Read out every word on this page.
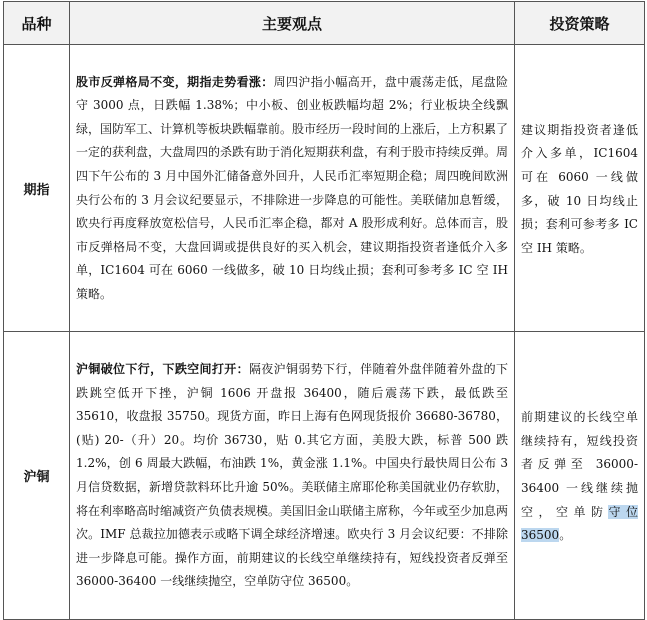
品种	主要观点	投资策略
期指	股市反弹格局不变，期指走势看涨：周四沪指小幅高开，盘中震荡走低，尾盘险守 3000 点，日跌幅 1.38%；中小板、创业板跌幅均超 2%；行业板块全线飘绿，国防军工、计算机等板块跌幅靠前。股市经历一段时间的上涨后，上方积累了一定的获利盘，大盘周四的杀跌有助于消化短期获利盘，有利于股市持续反弹。周四下午公布的 3 月中国外汇储备意外回升，人民币汇率短期企稳；周四晚间欧洲央行公布的 3 月会议纪要显示，不排除进一步降息的可能性。美联储加息暂缓，欧央行再度释放宽松信号，人民币汇率企稳，都对 A 股形成利好。总体而言，股市反弹格局不变，大盘回调或提供良好的买入机会，建议期指投资者逢低介入多单，IC1604 可在 6060 一线做多，破 10 日均线止损；套利可参考多 IC 空 IH 策略。	建议期指投资者逢低介入多单，IC1604 可在 6060 一线做多，破 10 日均线止损；套利可参考多 IC 空 IH 策略。
沪铜	沪铜破位下行，下跌空间打开：隔夜沪铜弱势下行，伴随着外盘伴随着外盘的下跌跳空低开下挫，沪铜 1606 开盘报 36400，随后震荡下跌，最低跌至 35610，收盘报 35750。现货方面，昨日上海有色网现货报价 36680-36780，(贴) 20-（升）20。均价 36730，贴 0.其它方面，美股大跌，标普 500 跌 1.2%，创 6 周最大跌幅，布油跌 1%，黄金涨 1.1%。中国央行最快周日公布 3 月信贷数据，新增贷款料环比升逾 50%。美联储主席耶伦称美国就业仍存软肋，将在利率略高时缩减资产负债表规模。美国旧金山联储主席称，今年或至少加息两次。IMF 总裁拉加德表示或略下调全球经济增速。欧央行 3 月会议纪要：不排除进一步降息可能。操作方面，前期建议的长线空单继续持有，短线投资者反弹至 36000-36400 一线继续抛空，空单防守位 36500。	前期建议的长线空单继续持有，短线投资者反弹至 36000-36400 一线继续抛空，空单防守位 36500。
